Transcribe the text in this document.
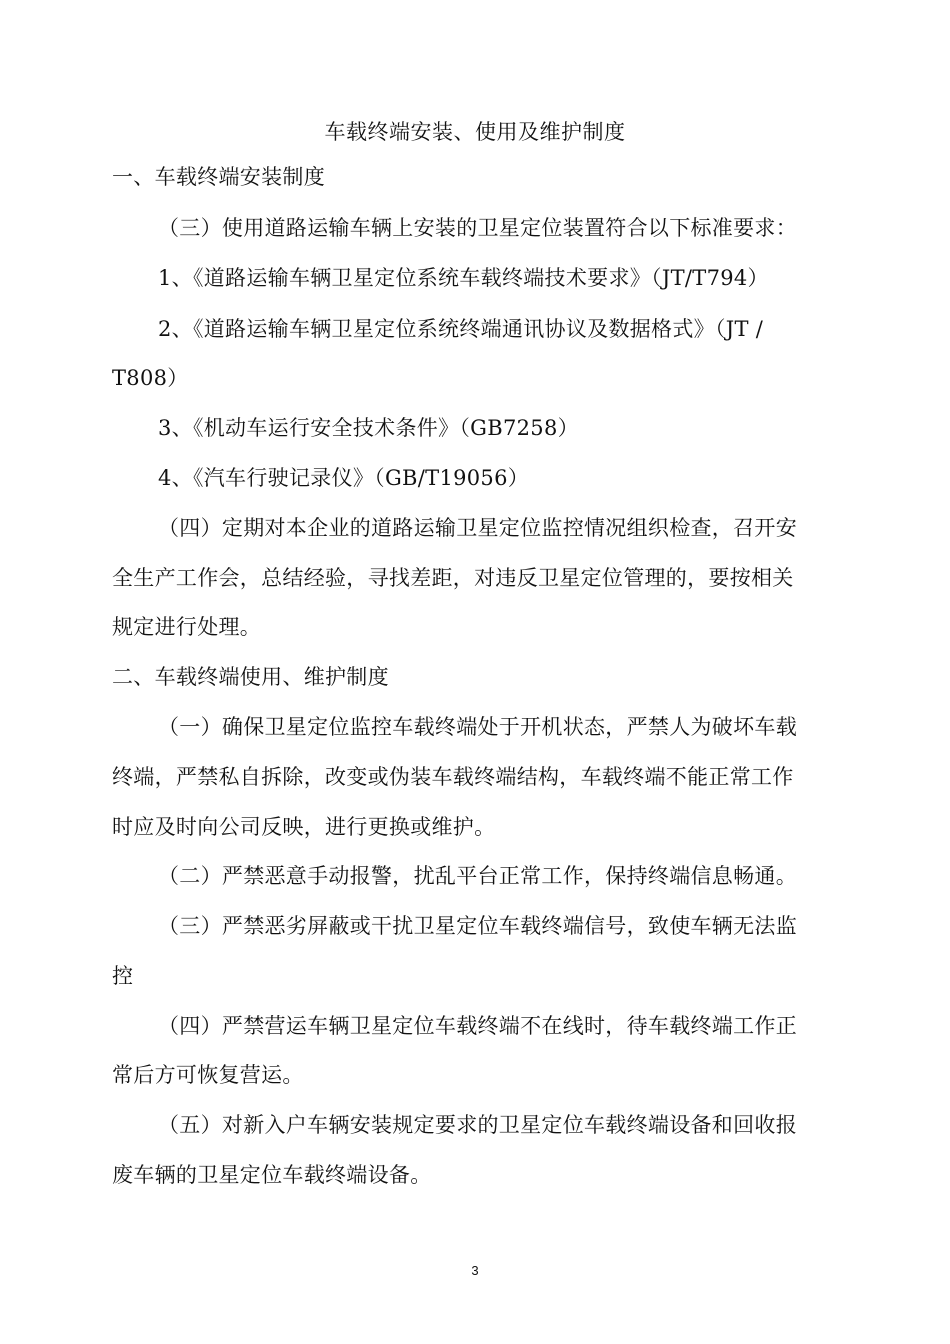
车载终端安装、使用及维护制度
一、车载终端安装制度
（三）使用道路运输车辆上安装的卫星定位装置符合以下标准要求：
1、《道路运输车辆卫星定位系统车载终端技术要求》（JT/T794）
2、《道路运输车辆卫星定位系统终端通讯协议及数据格式》（JT /
T808）
3、《机动车运行安全技术条件》（GB7258）
4、《汽车行驶记录仪》（GB/T19056）
（四）定期对本企业的道路运输卫星定位监控情况组织检查，召开安
全生产工作会，总结经验，寻找差距，对违反卫星定位管理的，要按相关
规定进行处理。
二、车载终端使用、维护制度
（一）确保卫星定位监控车载终端处于开机状态，严禁人为破坏车载
终端，严禁私自拆除，改变或伪装车载终端结构，车载终端不能正常工作
时应及时向公司反映，进行更换或维护。
（二）严禁恶意手动报警，扰乱平台正常工作，保持终端信息畅通。
（三）严禁恶劣屏蔽或干扰卫星定位车载终端信号，致使车辆无法监
控
（四）严禁营运车辆卫星定位车载终端不在线时，待车载终端工作正
常后方可恢复营运。
（五）对新入户车辆安装规定要求的卫星定位车载终端设备和回收报
废车辆的卫星定位车载终端设备。
3
